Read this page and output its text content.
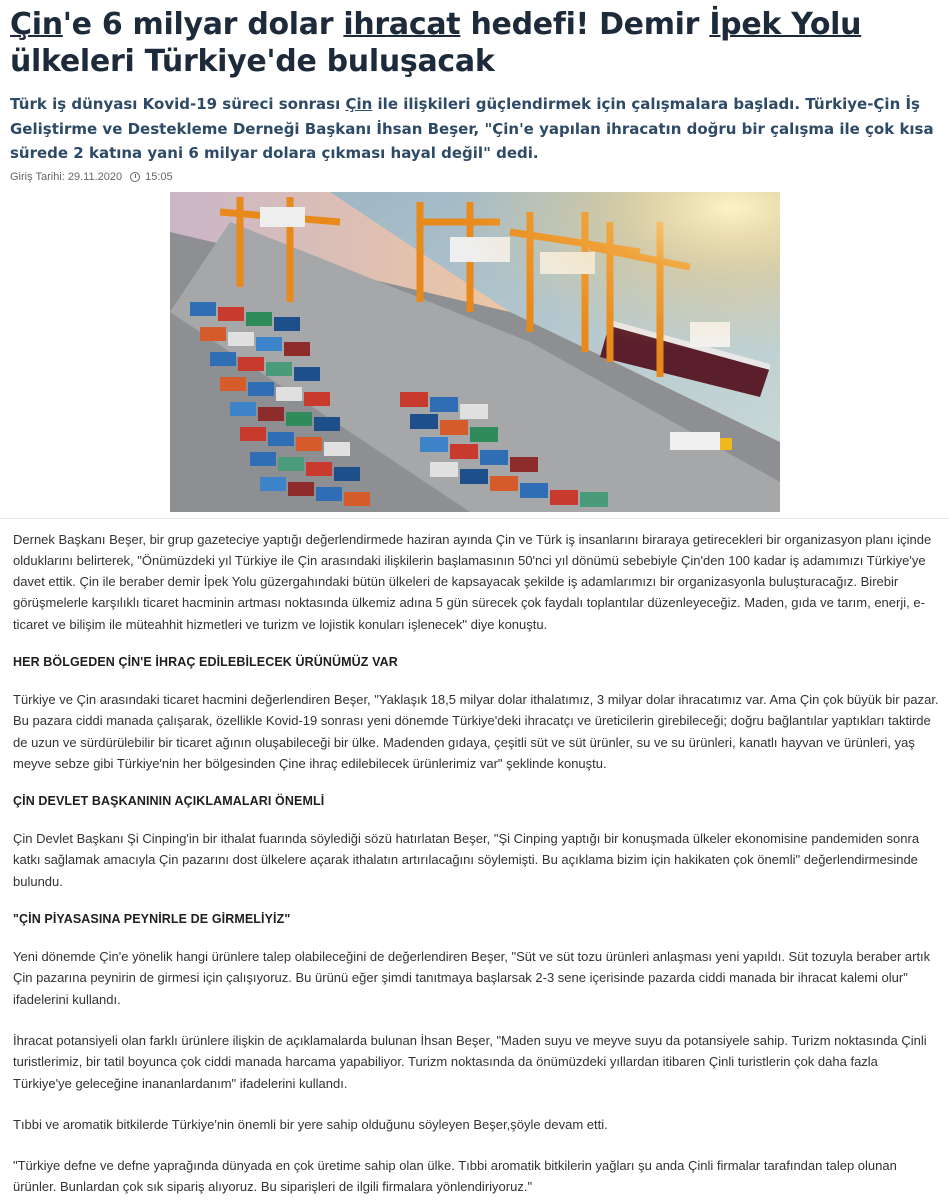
Çin'e 6 milyar dolar ihracat hedefi! Demir İpek Yolu ülkeleri Türkiye'de buluşacak

Türk iş dünyası Kovid-19 süreci sonrası Çin ile ilişkileri güçlendirmek için çalışmalara başladı. Türkiye-Çin İş Geliştirme ve Destekleme Derneği Başkanı İhsan Beşer, "Çin'e yapılan ihracatın doğru bir çalışma ile çok kısa sürede 2 katına yani 6 milyar dolara çıkması hayal değil" dedi.

Giriş Tarihi: 29.11.2020 15:05

Dernek Başkanı Beşer, bir grup gazeteciye yaptığı değerlendirmede haziran ayında Çin ve Türk iş insanlarını biraraya getirecekleri bir organizasyon planı içinde olduklarını belirterek, "Önümüzdeki yıl Türkiye ile Çin arasındaki ilişkilerin başlamasının 50'nci yıl dönümü sebebiyle Çin'den 100 kadar iş adamımızı Türkiye'ye davet ettik. Çin ile beraber demir İpek Yolu güzergahındaki bütün ülkeleri de kapsayacak şekilde iş adamlarımızı bir organizasyonla buluşturacağız. Birebir görüşmelerle karşılıklı ticaret hacminin artması noktasında ülkemiz adına 5 gün sürecek çok faydalı toplantılar düzenleyeceğiz. Maden, gıda ve tarım, enerji, e-ticaret ve bilişim ile müteahhit hizmetleri ve turizm ve lojistik konuları işlenecek" diye konuştu.

HER BÖLGEDEN ÇİN'E İHRAÇ EDİLEBİLECEK ÜRÜNÜMÜZ VAR

Türkiye ve Çin arasındaki ticaret hacmini değerlendiren Beşer, "Yaklaşık 18,5 milyar dolar ithalatımız, 3 milyar dolar ihracatımız var. Ama Çin çok büyük bir pazar. Bu pazara ciddi manada çalışarak, özellikle Kovid-19 sonrası yeni dönemde Türkiye'deki ihracatçı ve üreticilerin girebileceği; doğru bağlantılar yaptıkları taktirde de uzun ve sürdürülebilir bir ticaret ağının oluşabileceği bir ülke. Madenden gıdaya, çeşitli süt ve süt ürünler, su ve su ürünleri, kanatlı hayvan ve ürünleri, yaş meyve sebze gibi Türkiye'nin her bölgesinden Çine ihraç edilebilecek ürünlerimiz var" şeklinde konuştu.

ÇİN DEVLET BAŞKANININ AÇIKLAMALARI ÖNEMLİ

Çin Devlet Başkanı Şi Cinping'in bir ithalat fuarında söylediği sözü hatırlatan Beşer, "Şi Cinping yaptığı bir konuşmada ülkeler ekonomisine pandemiden sonra katkı sağlamak amacıyla Çin pazarını dost ülkelere açarak ithalatın artırılacağını söylemişti. Bu açıklama bizim için hakikaten çok önemli" değerlendirmesinde bulundu.

"ÇİN PİYASASINA PEYNİRLE DE GİRMELİYİZ"

Yeni dönemde Çin'e yönelik hangi ürünlere talep olabileceğini de değerlendiren Beşer, "Süt ve süt tozu ürünleri anlaşması yeni yapıldı. Süt tozuyla beraber artık Çin pazarına peynirin de girmesi için çalışıyoruz. Bu ürünü eğer şimdi tanıtmaya başlarsak 2-3 sene içerisinde pazarda ciddi manada bir ihracat kalemi olur" ifadelerini kullandı.

İhracat potansiyeli olan farklı ürünlere ilişkin de açıklamalarda bulunan İhsan Beşer, "Maden suyu ve meyve suyu da potansiyele sahip. Turizm noktasında Çinli turistlerimiz, bir tatil boyunca çok ciddi manada harcama yapabiliyor. Turizm noktasında da önümüzdeki yıllardan itibaren Çinli turistlerin çok daha fazla Türkiye'ye geleceğine inananlardanım" ifadelerini kullandı.

Tıbbi ve aromatik bitkilerde Türkiye'nin önemli bir yere sahip olduğunu söyleyen Beşer,şöyle devam etti.

"Türkiye defne ve defne yaprağında dünyada en çok üretime sahip olan ülke. Tıbbi aromatik bitkilerin yağları şu anda Çinli firmalar tarafından talep olunan ürünler. Bunlardan çok sık sipariş alıyoruz. Bu siparişleri de ilgili firmalara yönlendiriyoruz."
